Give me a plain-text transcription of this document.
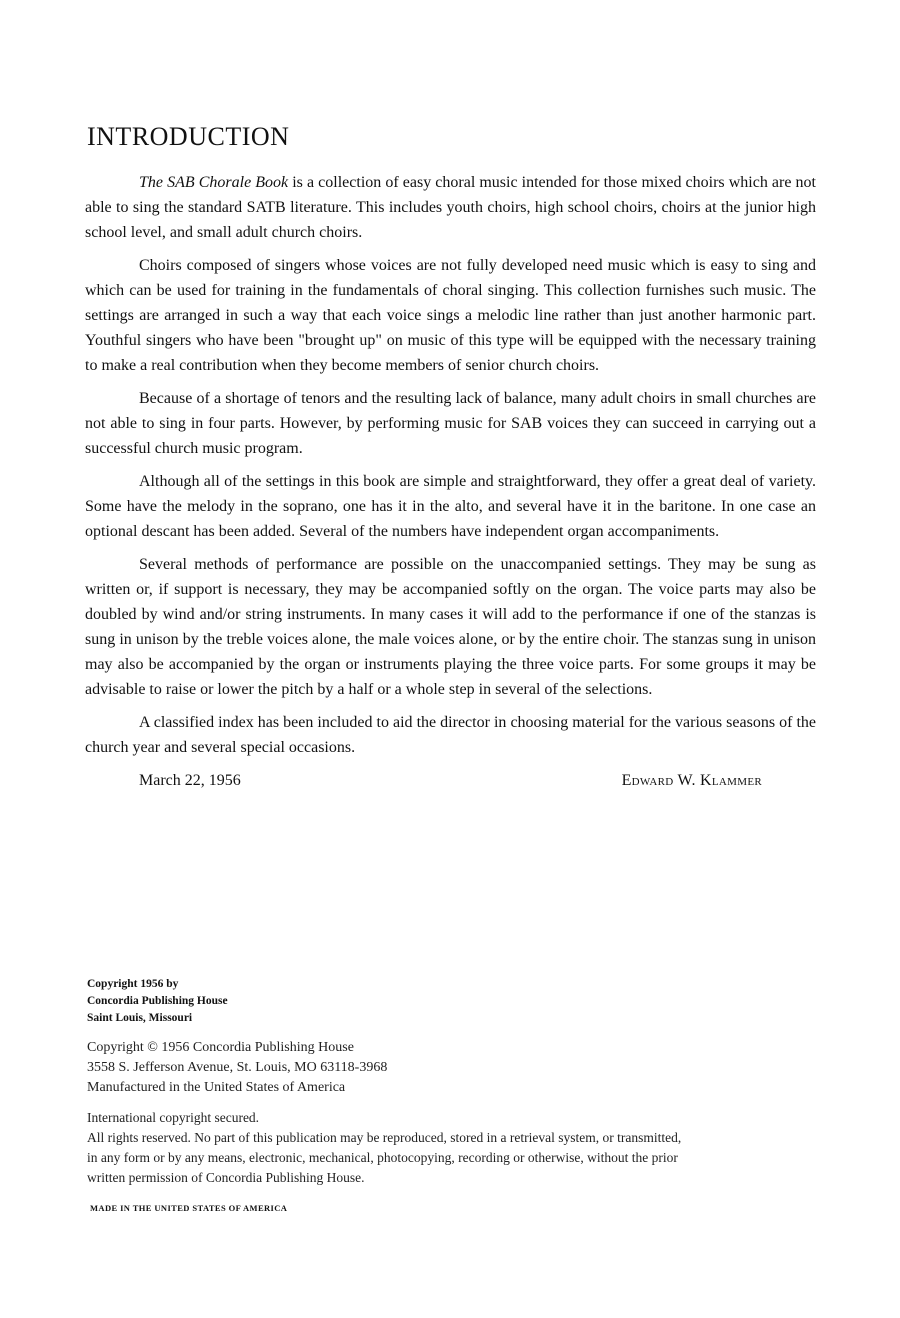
INTRODUCTION

The SAB Chorale Book is a collection of easy choral music intended for those mixed choirs which are not able to sing the standard SATB literature. This includes youth choirs, high school choirs, choirs at the junior high school level, and small adult church choirs.

Choirs composed of singers whose voices are not fully developed need music which is easy to sing and which can be used for training in the fundamentals of choral singing. This collection furnishes such music. The settings are arranged in such a way that each voice sings a melodic line rather than just another harmonic part. Youthful singers who have been "brought up" on music of this type will be equipped with the necessary training to make a real contribution when they become members of senior church choirs.

Because of a shortage of tenors and the resulting lack of balance, many adult choirs in small churches are not able to sing in four parts. However, by performing music for SAB voices they can succeed in carrying out a successful church music program.

Although all of the settings in this book are simple and straightforward, they offer a great deal of variety. Some have the melody in the soprano, one has it in the alto, and several have it in the baritone. In one case an optional descant has been added. Several of the numbers have independent organ accompaniments.

Several methods of performance are possible on the unaccompanied settings. They may be sung as written or, if support is necessary, they may be accompanied softly on the organ. The voice parts may also be doubled by wind and/or string instruments. In many cases it will add to the performance if one of the stanzas is sung in unison by the treble voices alone, the male voices alone, or by the entire choir. The stanzas sung in unison may also be accompanied by the organ or instruments playing the three voice parts. For some groups it may be advisable to raise or lower the pitch by a half or a whole step in several of the selections.

A classified index has been included to aid the director in choosing material for the various seasons of the church year and several special occasions.

March 22, 1956	Edward W. Klammer
Copyright 1956 by
Concordia Publishing House
Saint Louis, Missouri
Copyright © 1956 Concordia Publishing House
3558 S. Jefferson Avenue, St. Louis, MO 63118-3968
Manufactured in the United States of America
International copyright secured.
All rights reserved. No part of this publication may be reproduced, stored in a retrieval system, or transmitted,
in any form or by any means, electronic, mechanical, photocopying, recording or otherwise, without the prior
written permission of Concordia Publishing House.
MADE IN THE UNITED STATES OF AMERICA
